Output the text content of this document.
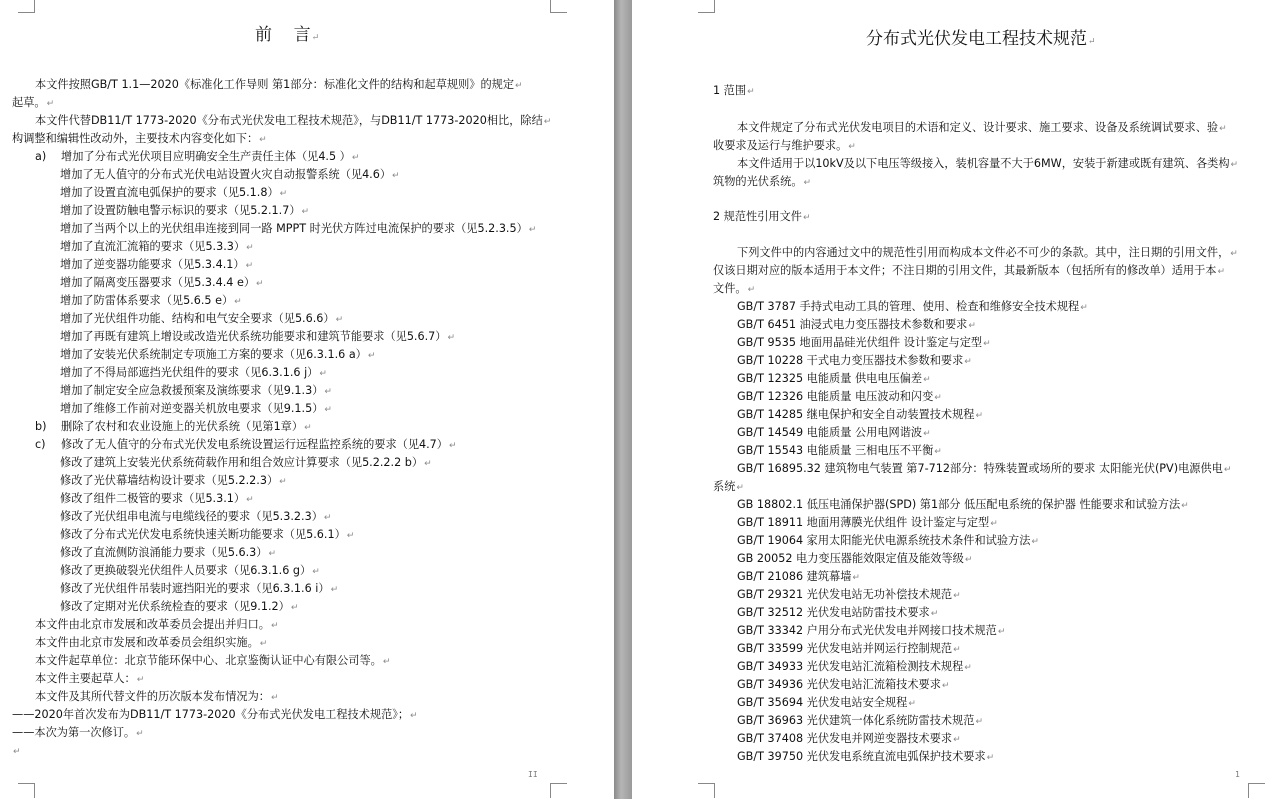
前    言↵
本文件按照GB/T 1.1—2020《标准化工作导则 第1部分：标准化文件的结构和起草规则》的规定↵
起草。↵
本文件代替DB11/T 1773-2020《分布式光伏发电工程技术规范》，与DB11/T 1773-2020相比，除结↵
构调整和编辑性改动外，主要技术内容变化如下：↵
a) 增加了分布式光伏项目应明确安全生产责任主体（见4.5 ）↵
增加了无人值守的分布式光伏电站设置火灾自动报警系统（见4.6）↵
增加了设置直流电弧保护的要求（见5.1.8）↵
增加了设置防触电警示标识的要求（见5.2.1.7）↵
增加了当两个以上的光伏组串连接到同一路 MPPT 时光伏方阵过电流保护的要求（见5.2.3.5）↵
增加了直流汇流箱的要求（见5.3.3）↵
增加了逆变器功能要求（见5.3.4.1）↵
增加了隔离变压器要求（见5.3.4.4 e）↵
增加了防雷体系要求（见5.6.5 e）↵
增加了光伏组件功能、结构和电气安全要求（见5.6.6）↵
增加了再既有建筑上增设或改造光伏系统功能要求和建筑节能要求（见5.6.7）↵
增加了安装光伏系统制定专项施工方案的要求（见6.3.1.6 a）↵
增加了不得局部遮挡光伏组件的要求（见6.3.1.6 j）↵
增加了制定安全应急救援预案及演练要求（见9.1.3）↵
增加了维修工作前对逆变器关机放电要求（见9.1.5）↵
b) 删除了农村和农业设施上的光伏系统（见第1章）↵
c) 修改了无人值守的分布式光伏发电系统设置运行远程监控系统的要求（见4.7）↵
修改了建筑上安装光伏系统荷载作用和组合效应计算要求（见5.2.2.2 b）↵
修改了光伏幕墙结构设计要求（见5.2.2.3）↵
修改了组件二极管的要求（见5.3.1）↵
修改了光伏组串电流与电缆线径的要求（见5.3.2.3）↵
修改了分布式光伏发电系统快速关断功能要求（见5.6.1）↵
修改了直流侧防浪涌能力要求（见5.6.3）↵
修改了更换破裂光伏组件人员要求（见6.3.1.6 g）↵
修改了光伏组件吊装时遮挡阳光的要求（见6.3.1.6 i）↵
修改了定期对光伏系统检查的要求（见9.1.2）↵
本文件由北京市发展和改革委员会提出并归口。↵
本文件由北京市发展和改革委员会组织实施。↵
本文件起草单位：北京节能环保中心、北京鉴衡认证中心有限公司等。↵
本文件主要起草人：↵
本文件及其所代替文件的历次版本发布情况为：↵
——2020年首次发布为DB11/T 1773-2020《分布式光伏发电工程技术规范》；↵
——本次为第一次修订。↵
↵
II
分布式光伏发电工程技术规范↵
1 范围↵
本文件规定了分布式光伏发电项目的术语和定义、设计要求、施工要求、设备及系统调试要求、验↵
收要求及运行与维护要求。↵
本文件适用于以10kV及以下电压等级接入，装机容量不大于6MW，安装于新建或既有建筑、各类构↵
筑物的光伏系统。↵
2 规范性引用文件↵
下列文件中的内容通过文中的规范性引用而构成本文件必不可少的条款。其中，注日期的引用文件，↵
仅该日期对应的版本适用于本文件；不注日期的引用文件，其最新版本（包括所有的修改单）适用于本↵
文件。↵
GB/T 3787 手持式电动工具的管理、使用、检查和维修安全技术规程↵
GB/T 6451 油浸式电力变压器技术参数和要求↵
GB/T 9535 地面用晶硅光伏组件 设计鉴定与定型↵
GB/T 10228 干式电力变压器技术参数和要求↵
GB/T 12325 电能质量 供电电压偏差↵
GB/T 12326 电能质量 电压波动和闪变↵
GB/T 14285 继电保护和安全自动装置技术规程↵
GB/T 14549 电能质量 公用电网谐波↵
GB/T 15543 电能质量 三相电压不平衡↵
GB/T 16895.32 建筑物电气装置 第7-712部分：特殊装置或场所的要求 太阳能光伏(PV)电源供电↵
系统↵
GB 18802.1 低压电涌保护器(SPD) 第1部分 低压配电系统的保护器 性能要求和试验方法↵
GB/T 18911 地面用薄膜光伏组件 设计鉴定与定型↵
GB/T 19064 家用太阳能光伏电源系统技术条件和试验方法↵
GB 20052 电力变压器能效限定值及能效等级↵
GB/T 21086 建筑幕墙↵
GB/T 29321 光伏发电站无功补偿技术规范↵
GB/T 32512 光伏发电站防雷技术要求↵
GB/T 33342 户用分布式光伏发电并网接口技术规范↵
GB/T 33599 光伏发电站并网运行控制规范↵
GB/T 34933 光伏发电站汇流箱检测技术规程↵
GB/T 34936 光伏发电站汇流箱技术要求↵
GB/T 35694 光伏发电站安全规程↵
GB/T 36963 光伏建筑一体化系统防雷技术规范↵
GB/T 37408 光伏发电并网逆变器技术要求↵
GB/T 39750 光伏发电系统直流电弧保护技术要求↵
1
